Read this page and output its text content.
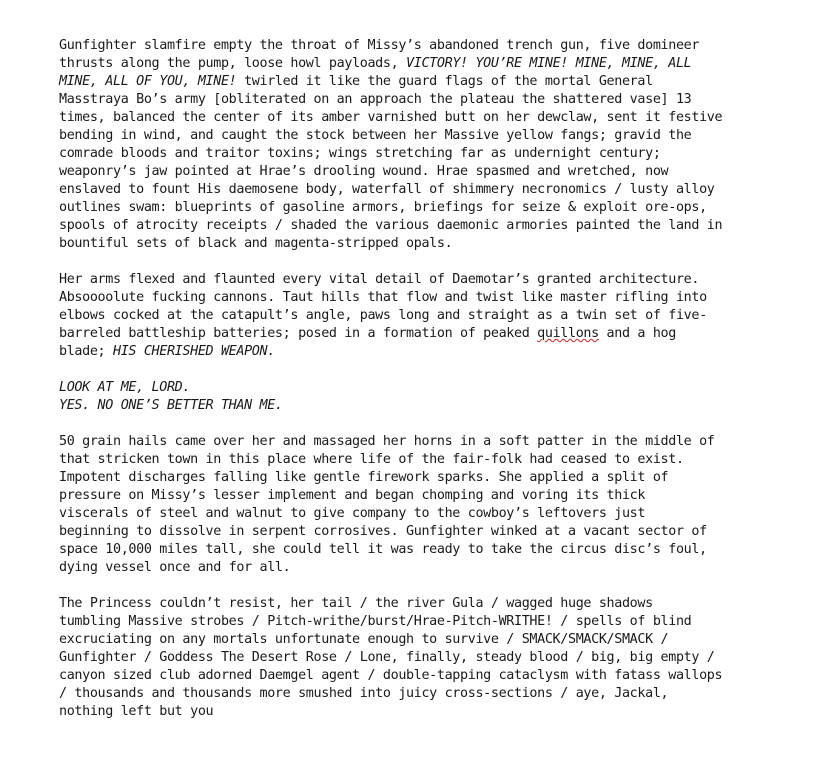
Gunfighter slamfire empty the throat of Missy’s abandoned trench gun, five domineer
thrusts along the pump, loose howl payloads, VICTORY! YOU’RE MINE! MINE, MINE, ALL
MINE, ALL OF YOU, MINE! twirled it like the guard flags of the mortal General
Masstraya Bo’s army [obliterated on an approach the plateau the shattered vase] 13
times, balanced the center of its amber varnished butt on her dewclaw, sent it festive
bending in wind, and caught the stock between her Massive yellow fangs; gravid the
comrade bloods and traitor toxins; wings stretching far as undernight century;
weaponry’s jaw pointed at Hrae’s drooling wound. Hrae spasmed and wretched, now
enslaved to fount His daemosene body, waterfall of shimmery necronomics / lusty alloy
outlines swam: blueprints of gasoline armors, briefings for seize & exploit ore-ops,
spools of atrocity receipts / shaded the various daemonic armories painted the land in
bountiful sets of black and magenta-stripped opals.
Her arms flexed and flaunted every vital detail of Daemotar’s granted architecture.
Absoooolute fucking cannons. Taut hills that flow and twist like master rifling into
elbows cocked at the catapult’s angle, paws long and straight as a twin set of five-
barreled battleship batteries; posed in a formation of peaked quillons and a hog
blade; HIS CHERISHED WEAPON.
LOOK AT ME, LORD.
YES. NO ONE’S BETTER THAN ME.
50 grain hails came over her and massaged her horns in a soft patter in the middle of
that stricken town in this place where life of the fair-folk had ceased to exist.
Impotent discharges falling like gentle firework sparks. She applied a split of
pressure on Missy’s lesser implement and began chomping and voring its thick
viscerals of steel and walnut to give company to the cowboy’s leftovers just
beginning to dissolve in serpent corrosives. Gunfighter winked at a vacant sector of
space 10,000 miles tall, she could tell it was ready to take the circus disc’s foul,
dying vessel once and for all.
The Princess couldn’t resist, her tail / the river Gula / wagged huge shadows
tumbling Massive strobes / Pitch-writhe/burst/Hrae-Pitch-WRITHE! / spells of blind
excruciating on any mortals unfortunate enough to survive / SMACK/SMACK/SMACK /
Gunfighter / Goddess The Desert Rose / Lone, finally, steady blood / big, big empty /
canyon sized club adorned Daemgel agent / double-tapping cataclysm with fatass wallops
/ thousands and thousands more smushed into juicy cross-sections / aye, Jackal,
nothing left but you
